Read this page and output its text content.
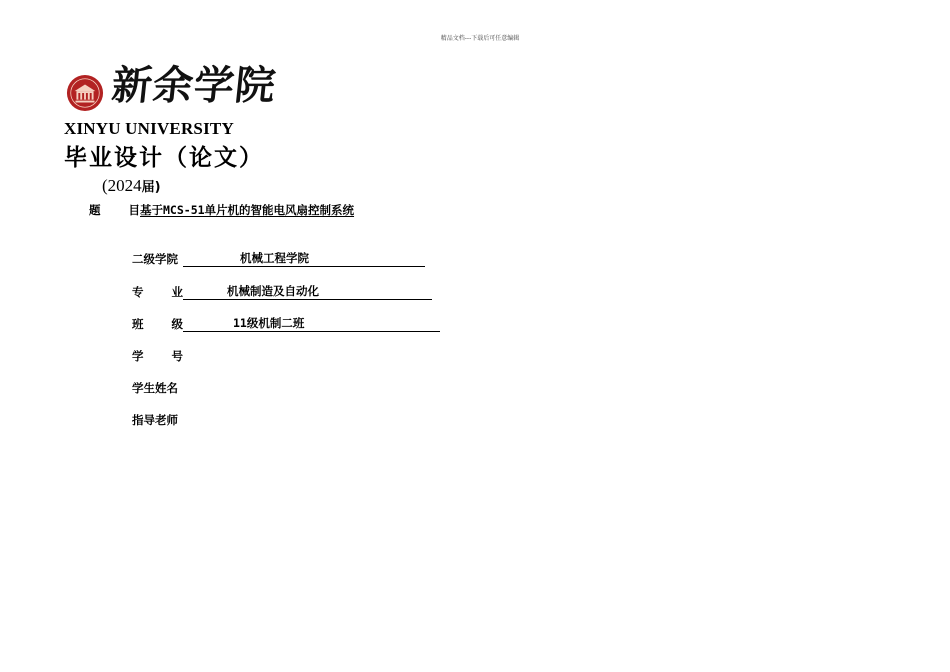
精品文档---下载后可任意编辑
新余学院
XINYU UNIVERSITY
毕业设计（论文）
(2024届)
题 目 基于MCS-51单片机的智能电风扇控制系统
二级学院	机械工程学院
专 业	机械制造及自动化
班 级	11级机制二班
学 号
学生姓名
指导老师
